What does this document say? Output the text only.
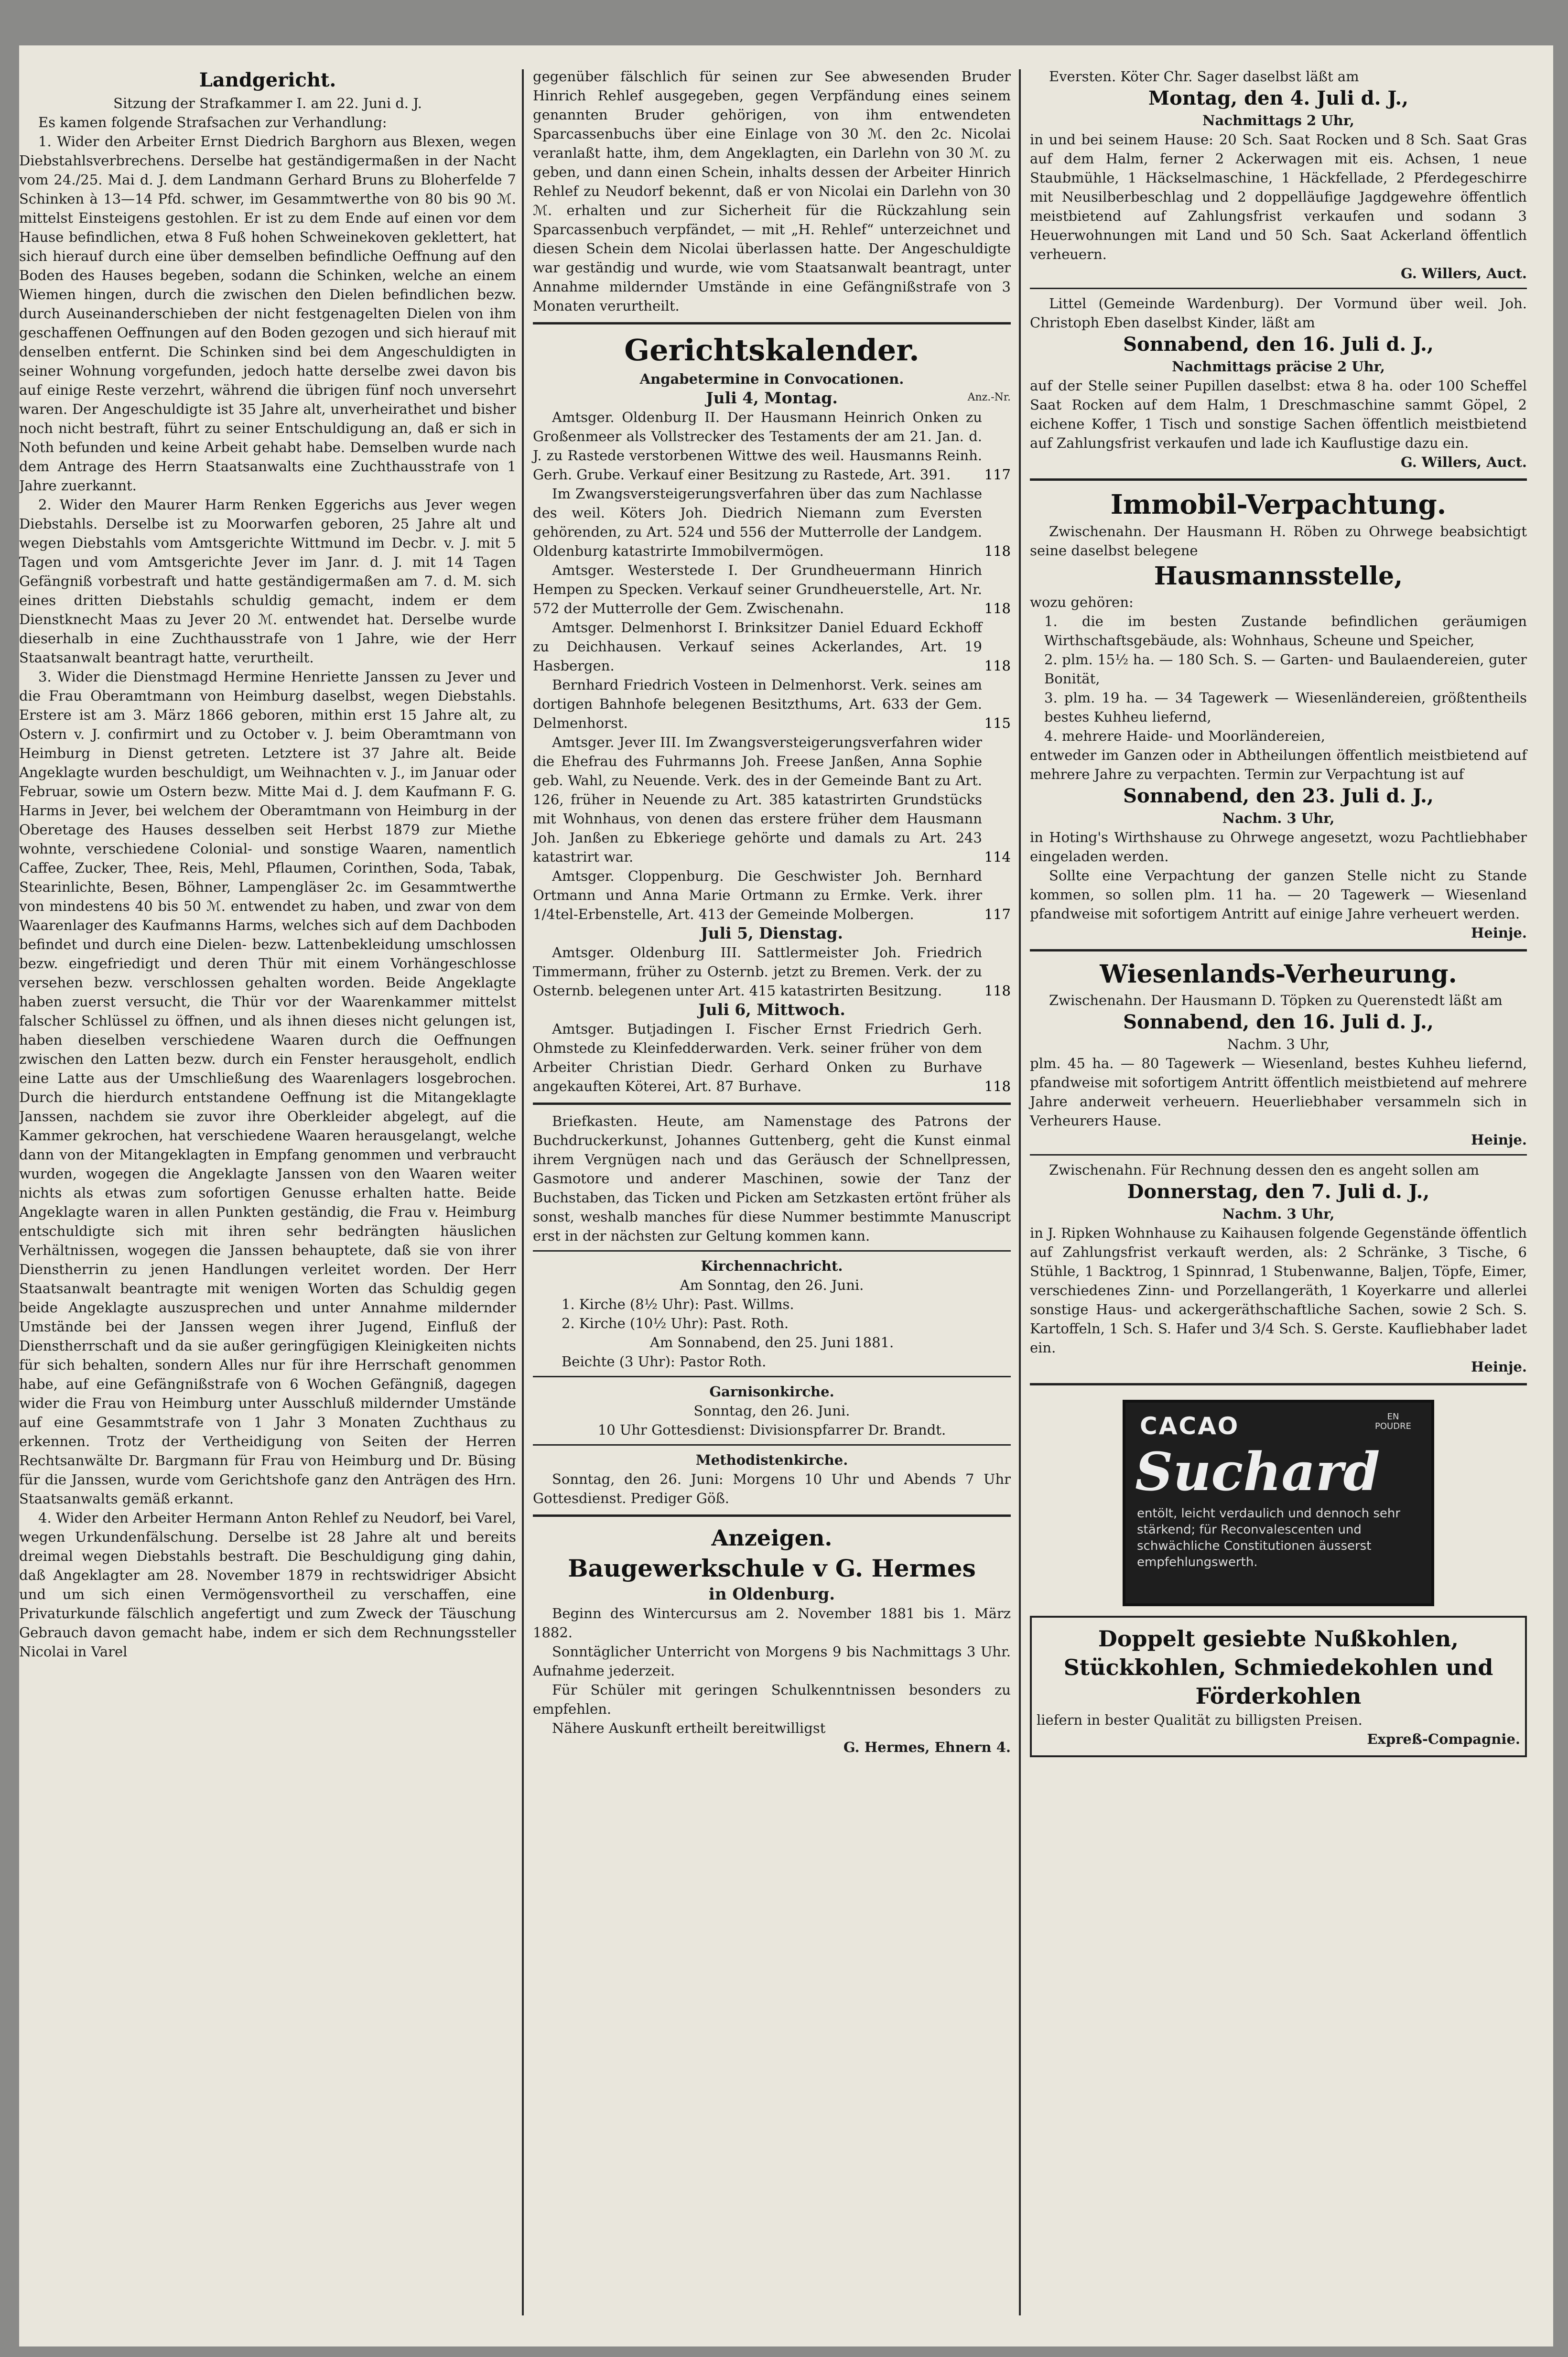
Landgericht.

Sitzung der Strafkammer I. am 22. Juni d. J.

Es kamen folgende Strafsachen zur Verhandlung:

1. Wider den Arbeiter Ernst Diedrich Barghorn aus Blexen, wegen Diebstahlsverbrechens. Derselbe hat geständigermaßen in der Nacht vom 24./25. Mai d. J. dem Landmann Gerhard Bruns zu Bloherfelde 7 Schinken à 13—14 Pfd. schwer, im Gesammtwerthe von 80 bis 90 ℳ. mittelst Einsteigens gestohlen. Er ist zu dem Ende auf einen vor dem Hause befindlichen, etwa 8 Fuß hohen Schweinekoven geklettert, hat sich hierauf durch eine über demselben befindliche Oeffnung auf den Boden des Hauses begeben, sodann die Schinken, welche an einem Wiemen hingen, durch die zwischen den Dielen befindlichen bezw. durch Auseinanderschieben der nicht festgenagelten Dielen von ihm geschaffenen Oeffnungen auf den Boden gezogen und sich hierauf mit denselben entfernt. Die Schinken sind bei dem Angeschuldigten in seiner Wohnung vorgefunden, jedoch hatte derselbe zwei davon bis auf einige Reste verzehrt, während die übrigen fünf noch unversehrt waren. Der Angeschuldigte ist 35 Jahre alt, unverheirathet und bisher noch nicht bestraft, führt zu seiner Entschuldigung an, daß er sich in Noth befunden und keine Arbeit gehabt habe. Demselben wurde nach dem Antrage des Herrn Staatsanwalts eine Zuchthausstrafe von 1 Jahre zuerkannt.

2. Wider den Maurer Harm Renken Eggerichs aus Jever wegen Diebstahls. Derselbe ist zu Moorwarfen geboren, 25 Jahre alt und wegen Diebstahls vom Amtsgerichte Wittmund im Decbr. v. J. mit 5 Tagen und vom Amtsgerichte Jever im Janr. d. J. mit 14 Tagen Gefängniß vorbestraft und hatte geständigermaßen am 7. d. M. sich eines dritten Diebstahls schuldig gemacht, indem er dem Dienstknecht Maas zu Jever 20 ℳ. entwendet hat. Derselbe wurde dieserhalb in eine Zuchthausstrafe von 1 Jahre, wie der Herr Staatsanwalt beantragt hatte, verurtheilt.

3. Wider die Dienstmagd Hermine Henriette Janssen zu Jever und die Frau Oberamtmann von Heimburg daselbst, wegen Diebstahls. Erstere ist am 3. März 1866 geboren, mithin erst 15 Jahre alt, zu Ostern v. J. confirmirt und zu October v. J. beim Oberamtmann von Heimburg in Dienst getreten. Letztere ist 37 Jahre alt. Beide Angeklagte wurden beschuldigt, um Weihnachten v. J., im Januar oder Februar, sowie um Ostern bezw. Mitte Mai d. J. dem Kaufmann F. G. Harms in Jever, bei welchem der Oberamtmann von Heimburg in der Oberetage des Hauses desselben seit Herbst 1879 zur Miethe wohnte, verschiedene Colonial- und sonstige Waaren, namentlich Caffee, Zucker, Thee, Reis, Mehl, Pflaumen, Corinthen, Soda, Tabak, Stearinlichte, Besen, Böhner, Lampengläser 2c. im Gesammtwerthe von mindestens 40 bis 50 ℳ. entwendet zu haben, und zwar von dem Waarenlager des Kaufmanns Harms, welches sich auf dem Dachboden befindet und durch eine Dielen- bezw. Lattenbekleidung umschlossen bezw. eingefriedigt und deren Thür mit einem Vorhängeschlosse versehen bezw. verschlossen gehalten worden. Beide Angeklagte haben zuerst versucht, die Thür vor der Waarenkammer mittelst falscher Schlüssel zu öffnen, und als ihnen dieses nicht gelungen ist, haben dieselben verschiedene Waaren durch die Oeffnungen zwischen den Latten bezw. durch ein Fenster herausgeholt, endlich eine Latte aus der Umschließung des Waarenlagers losgebrochen. Durch die hierdurch entstandene Oeffnung ist die Mitangeklagte Janssen, nachdem sie zuvor ihre Oberkleider abgelegt, auf die Kammer gekrochen, hat verschiedene Waaren herausgelangt, welche dann von der Mitangeklagten in Empfang genommen und verbraucht wurden, wogegen die Angeklagte Janssen von den Waaren weiter nichts als etwas zum sofortigen Genusse erhalten hatte. Beide Angeklagte waren in allen Punkten geständig, die Frau v. Heimburg entschuldigte sich mit ihren sehr bedrängten häuslichen Verhältnissen, wogegen die Janssen behauptete, daß sie von ihrer Dienstherrin zu jenen Handlungen verleitet worden. Der Herr Staatsanwalt beantragte mit wenigen Worten das Schuldig gegen beide Angeklagte auszusprechen und unter Annahme mildernder Umstände bei der Janssen wegen ihrer Jugend, Einfluß der Dienstherrschaft und da sie außer geringfügigen Kleinigkeiten nichts für sich behalten, sondern Alles nur für ihre Herrschaft genommen habe, auf eine Gefängnißstrafe von 6 Wochen Gefängniß, dagegen wider die Frau von Heimburg unter Ausschluß mildernder Umstände auf eine Gesammtstrafe von 1 Jahr 3 Monaten Zuchthaus zu erkennen. Trotz der Vertheidigung von Seiten der Herren Rechtsanwälte Dr. Bargmann für Frau von Heimburg und Dr. Büsing für die Janssen, wurde vom Gerichtshofe ganz den Anträgen des Hrn. Staatsanwalts gemäß erkannt.

4. Wider den Arbeiter Hermann Anton Rehlef zu Neudorf, bei Varel, wegen Urkundenfälschung. Derselbe ist 28 Jahre alt und bereits dreimal wegen Diebstahls bestraft. Die Beschuldigung ging dahin, daß Angeklagter am 28. November 1879 in rechtswidriger Absicht und um sich einen Vermögensvortheil zu verschaffen, eine Privaturkunde fälschlich angefertigt und zum Zweck der Täuschung Gebrauch davon gemacht habe, indem er sich dem Rechnungssteller Nicolai in Varel

gegenüber fälschlich für seinen zur See abwesenden Bruder Hinrich Rehlef ausgegeben, gegen Verpfändung eines seinem genannten Bruder gehörigen, von ihm entwendeten Sparcassenbuchs über eine Einlage von 30 ℳ. den 2c. Nicolai veranlaßt hatte, ihm, dem Angeklagten, ein Darlehn von 30 ℳ. zu geben, und dann einen Schein, inhalts dessen der Arbeiter Hinrich Rehlef zu Neudorf bekennt, daß er von Nicolai ein Darlehn von 30 ℳ. erhalten und zur Sicherheit für die Rückzahlung sein Sparcassenbuch verpfändet, — mit „H. Rehlef“ unterzeichnet und diesen Schein dem Nicolai überlassen hatte. Der Angeschuldigte war geständig und wurde, wie vom Staatsanwalt beantragt, unter Annahme mildernder Umstände in eine Gefängnißstrafe von 3 Monaten verurtheilt.

Gerichtskalender.

Angabetermine in Convocationen.

Juli 4, Montag.	Anz.-Nr.

Amtsger. Oldenburg II. Der Hausmann Heinrich Onken zu Großenmeer als Vollstrecker des Testaments der am 21. Jan. d. J. zu Rastede verstorbenen Wittwe des weil. Hausmanns Reinh. Gerh. Grube. Verkauf einer Besitzung zu Rastede, Art. 391.	117

Im Zwangsversteigerungsverfahren über das zum Nachlasse des weil. Köters Joh. Diedrich Niemann zum Eversten gehörenden, zu Art. 524 und 556 der Mutterrolle der Landgem. Oldenburg katastrirte Immobilvermögen.	118

Amtsger. Westerstede I. Der Grundheuermann Hinrich Hempen zu Specken. Verkauf seiner Grundheuerstelle, Art. Nr. 572 der Mutterrolle der Gem. Zwischenahn.	118

Amtsger. Delmenhorst I. Brinksitzer Daniel Eduard Eckhoff zu Deichhausen. Verkauf seines Ackerlandes, Art. 19 Hasbergen.	118

Bernhard Friedrich Vosteen in Delmenhorst. Verk. seines am dortigen Bahnhofe belegenen Besitzthums, Art. 633 der Gem. Delmenhorst.	115

Amtsger. Jever III. Im Zwangsversteigerungsverfahren wider die Ehefrau des Fuhrmanns Joh. Freese Janßen, Anna Sophie geb. Wahl, zu Neuende. Verk. des in der Gemeinde Bant zu Art. 126, früher in Neuende zu Art. 385 katastrirten Grundstücks mit Wohnhaus, von denen das erstere früher dem Hausmann Joh. Janßen zu Ebkeriege gehörte und damals zu Art. 243 katastrirt war.	114

Amtsger. Cloppenburg. Die Geschwister Joh. Bernhard Ortmann und Anna Marie Ortmann zu Ermke. Verk. ihrer 1/4tel-Erbenstelle, Art. 413 der Gemeinde Molbergen.	117

Juli 5, Dienstag.

Amtsger. Oldenburg III. Sattlermeister Joh. Friedrich Timmermann, früher zu Osternb. jetzt zu Bremen. Verk. der zu Osternb. belegenen unter Art. 415 katastrirten Besitzung.	118

Juli 6, Mittwoch.

Amtsger. Butjadingen I. Fischer Ernst Friedrich Gerh. Ohmstede zu Kleinfedderwarden. Verk. seiner früher von dem Arbeiter Christian Diedr. Gerhard Onken zu Burhave angekauften Köterei, Art. 87 Burhave.	118

Briefkasten. Heute, am Namenstage des Patrons der Buchdruckerkunst, Johannes Guttenberg, geht die Kunst einmal ihrem Vergnügen nach und das Geräusch der Schnellpressen, Gasmotore und anderer Maschinen, sowie der Tanz der Buchstaben, das Ticken und Picken am Setzkasten ertönt früher als sonst, weshalb manches für diese Nummer bestimmte Manuscript erst in der nächsten zur Geltung kommen kann.

Kirchennachricht.

Am Sonntag, den 26. Juni.

1. Kirche (8½ Uhr): Past. Willms.

2. Kirche (10½ Uhr): Past. Roth.

Am Sonnabend, den 25. Juni 1881.

Beichte (3 Uhr): Pastor Roth.

Garnisonkirche.

Sonntag, den 26. Juni.

10 Uhr Gottesdienst: Divisionspfarrer Dr. Brandt.

Methodistenkirche.

Sonntag, den 26. Juni: Morgens 10 Uhr und Abends 7 Uhr Gottesdienst. Prediger Göß.

Anzeigen.

Baugewerkschule v G. Hermes

in Oldenburg.

Beginn des Wintercursus am 2. November 1881 bis 1. März 1882.

Sonntäglicher Unterricht von Morgens 9 bis Nachmittags 3 Uhr. Aufnahme jederzeit.

Für Schüler mit geringen Schulkenntnissen besonders zu empfehlen.

Nähere Auskunft ertheilt bereitwilligst

G. Hermes, Ehnern 4.

Eversten. Köter Chr. Sager daselbst läßt am

Montag, den 4. Juli d. J.,

Nachmittags 2 Uhr,

in und bei seinem Hause: 20 Sch. Saat Rocken und 8 Sch. Saat Gras auf dem Halm, ferner 2 Ackerwagen mit eis. Achsen, 1 neue Staubmühle, 1 Häckselmaschine, 1 Häckfellade, 2 Pferdegeschirre mit Neusilberbeschlag und 2 doppelläufige Jagdgewehre öffentlich meistbietend auf Zahlungsfrist verkaufen und sodann 3 Heuerwohnungen mit Land und 50 Sch. Saat Ackerland öffentlich verheuern.

G. Willers, Auct.

Littel (Gemeinde Wardenburg). Der Vormund über weil. Joh. Christoph Eben daselbst Kinder, läßt am

Sonnabend, den 16. Juli d. J.,

Nachmittags präcise 2 Uhr,

auf der Stelle seiner Pupillen daselbst: etwa 8 ha. oder 100 Scheffel Saat Rocken auf dem Halm, 1 Dreschmaschine sammt Göpel, 2 eichene Koffer, 1 Tisch und sonstige Sachen öffentlich meistbietend auf Zahlungsfrist verkaufen und lade ich Kauflustige dazu ein.

G. Willers, Auct.

Immobil-Verpachtung.

Zwischenahn. Der Hausmann H. Röben zu Ohrwege beabsichtigt seine daselbst belegene

Hausmannsstelle,

wozu gehören:

1. die im besten Zustande befindlichen geräumigen Wirthschaftsgebäude, als: Wohnhaus, Scheune und Speicher,

2. plm. 15½ ha. — 180 Sch. S. — Garten- und Baulaendereien, guter Bonität,

3. plm. 19 ha. — 34 Tagewerk — Wiesenländereien, größtentheils bestes Kuhheu liefernd,

4. mehrere Haide- und Moorländereien,

entweder im Ganzen oder in Abtheilungen öffentlich meistbietend auf mehrere Jahre zu verpachten. Termin zur Verpachtung ist auf

Sonnabend, den 23. Juli d. J.,

Nachm. 3 Uhr,

in Hoting's Wirthshause zu Ohrwege angesetzt, wozu Pachtliebhaber eingeladen werden.

Sollte eine Verpachtung der ganzen Stelle nicht zu Stande kommen, so sollen plm. 11 ha. — 20 Tagewerk — Wiesenland pfandweise mit sofortigem Antritt auf einige Jahre verheuert werden.

Heinje.

Wiesenlands-Verheurung.

Zwischenahn. Der Hausmann D. Töpken zu Querenstedt läßt am

Sonnabend, den 16. Juli d. J.,

Nachm. 3 Uhr,

plm. 45 ha. — 80 Tagewerk — Wiesenland, bestes Kuhheu liefernd, pfandweise mit sofortigem Antritt öffentlich meistbietend auf mehrere Jahre anderweit verheuern. Heuerliebhaber versammeln sich in Verheurers Hause.

Heinje.

Zwischenahn. Für Rechnung dessen den es angeht sollen am

Donnerstag, den 7. Juli d. J.,

Nachm. 3 Uhr,

in J. Ripken Wohnhause zu Kaihausen folgende Gegenstände öffentlich auf Zahlungsfrist verkauft werden, als: 2 Schränke, 3 Tische, 6 Stühle, 1 Backtrog, 1 Spinnrad, 1 Stubenwanne, Baljen, Töpfe, Eimer, verschiedenes Zinn- und Porzellangeräth, 1 Koyerkarre und allerlei sonstige Haus- und ackergeräthschaftliche Sachen, sowie 2 Sch. S. Kartoffeln, 1 Sch. S. Hafer und 3/4 Sch. S. Gerste. Kaufliebhaber ladet ein.

Heinje.

CACAO	EN POUDRE
Suchard
entölt, leicht verdaulich und dennoch sehr stärkend; für Reconvalescenten und schwächliche Constitutionen äusserst empfehlungswerth.

Doppelt gesiebte Nußkohlen, Stückkohlen, Schmiedekohlen und Förderkohlen

liefern in bester Qualität zu billigsten Preisen.

Expreß-Compagnie.
